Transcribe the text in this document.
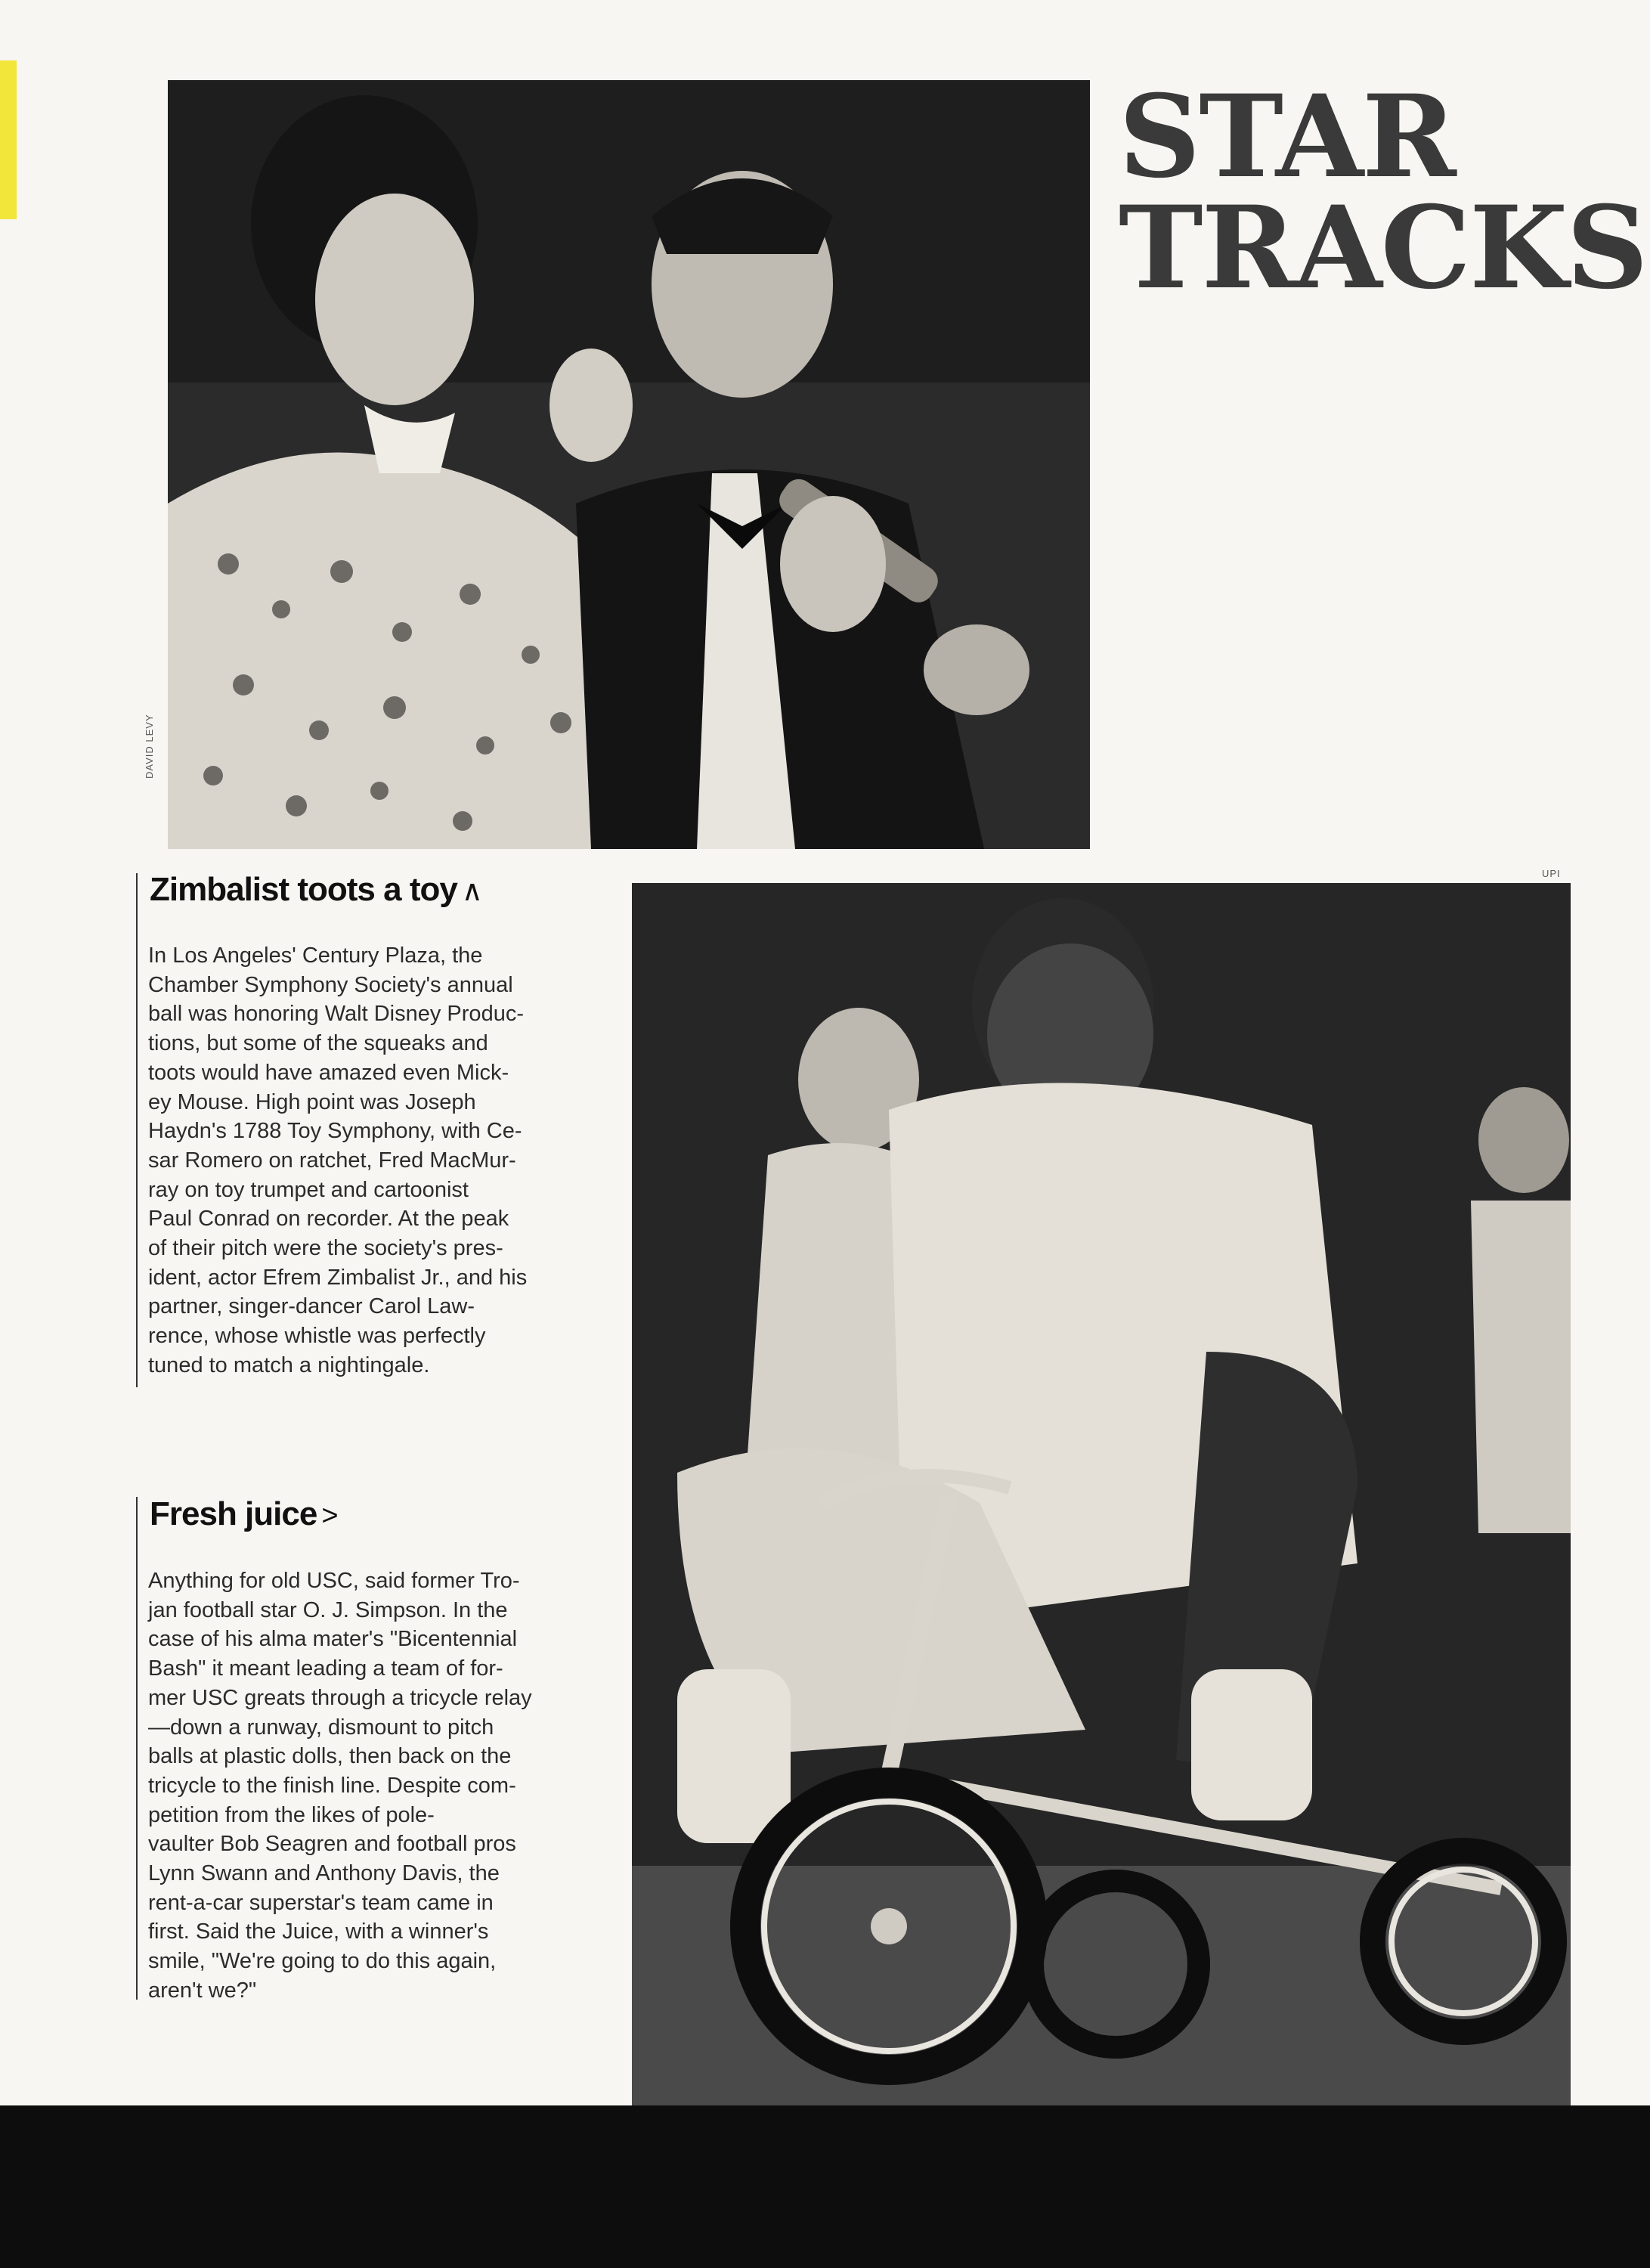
STAR
TRACKS
DAVID LEVY
UPI
Zimbalist toots a toy ∧
In Los Angeles' Century Plaza, the
Chamber Symphony Society's annual
ball was honoring Walt Disney Produc-
tions, but some of the squeaks and
toots would have amazed even Mick-
ey Mouse. High point was Joseph
Haydn's 1788 Toy Symphony, with Ce-
sar Romero on ratchet, Fred MacMur-
ray on toy trumpet and cartoonist
Paul Conrad on recorder. At the peak
of their pitch were the society's pres-
ident, actor Efrem Zimbalist Jr., and his
partner, singer-dancer Carol Law-
rence, whose whistle was perfectly
tuned to match a nightingale.
Fresh juice >
Anything for old USC, said former Tro-
jan football star O. J. Simpson. In the
case of his alma mater's "Bicentennial
Bash" it meant leading a team of for-
mer USC greats through a tricycle relay
—down a runway, dismount to pitch
balls at plastic dolls, then back on the
tricycle to the finish line. Despite com-
petition from the likes of pole-
vaulter Bob Seagren and football pros
Lynn Swann and Anthony Davis, the
rent-a-car superstar's team came in
first. Said the Juice, with a winner's
smile, "We're going to do this again,
aren't we?"
